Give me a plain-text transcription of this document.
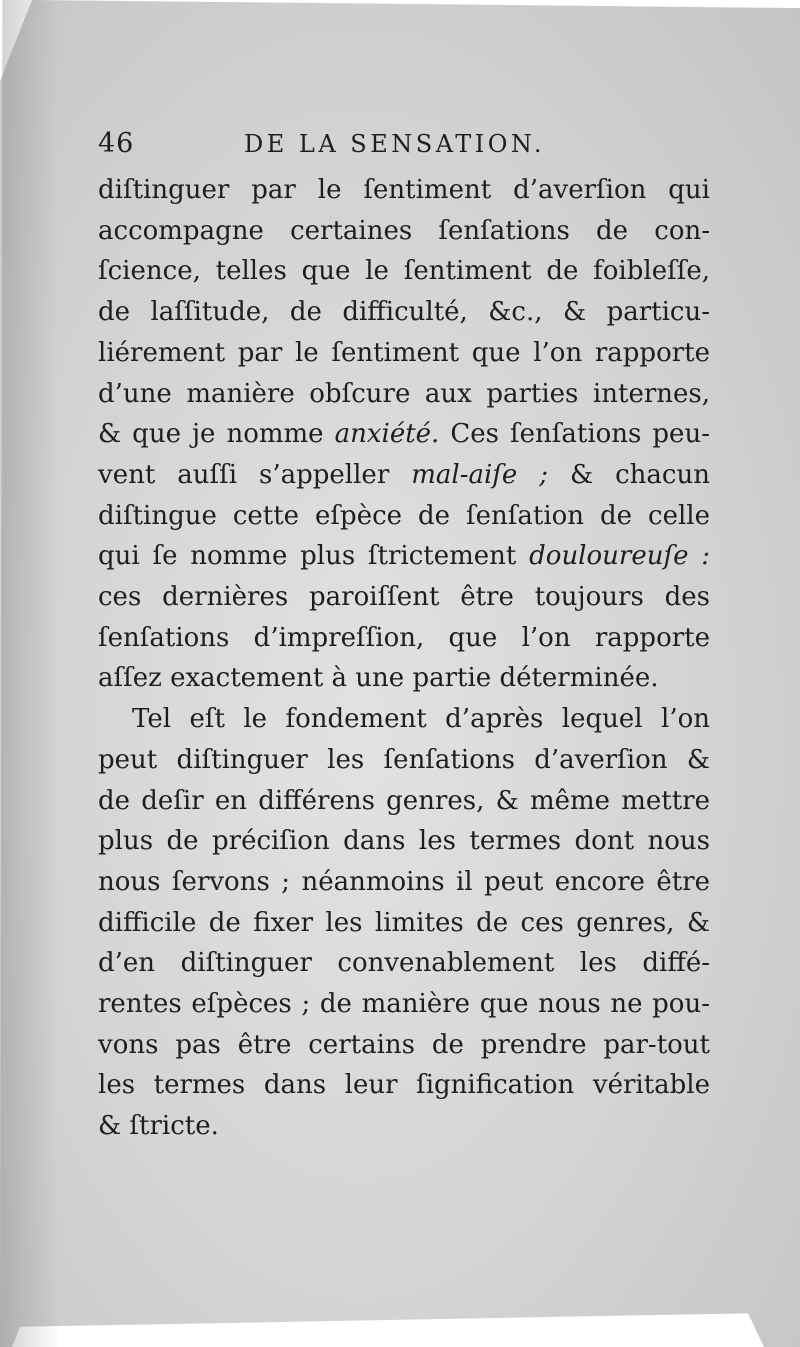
46	DE LA SENSATION.

diſtinguer par le ſentiment d’averſion qui
accompagne certaines ſenſations de con-
ſcience, telles que le ſentiment de foibleſſe,
de laſſitude, de difficulté, &c., & particu-
liérement par le ſentiment que l’on rapporte
d’une manière obſcure aux parties internes,
& que je nomme anxiété. Ces ſenſations peu-
vent auſſi s’appeller mal-aiſe ; & chacun
diſtingue cette eſpèce de ſenſation de celle
qui ſe nomme plus ſtrictement douloureuſe :
ces dernières paroiſſent être toujours des
ſenſations d’impreſſion, que l’on rapporte
aſſez exactement à une partie déterminée.

Tel eſt le fondement d’après lequel l’on
peut diſtinguer les ſenſations d’averſion &
de deſir en différens genres, & même mettre
plus de préciſion dans les termes dont nous
nous ſervons ; néanmoins il peut encore être
difficile de fixer les limites de ces genres, &
d’en diſtinguer convenablement les diffé-
rentes eſpèces ; de manière que nous ne pou-
vons pas être certains de prendre par-tout
les termes dans leur ſignification véritable
& ſtricte.
